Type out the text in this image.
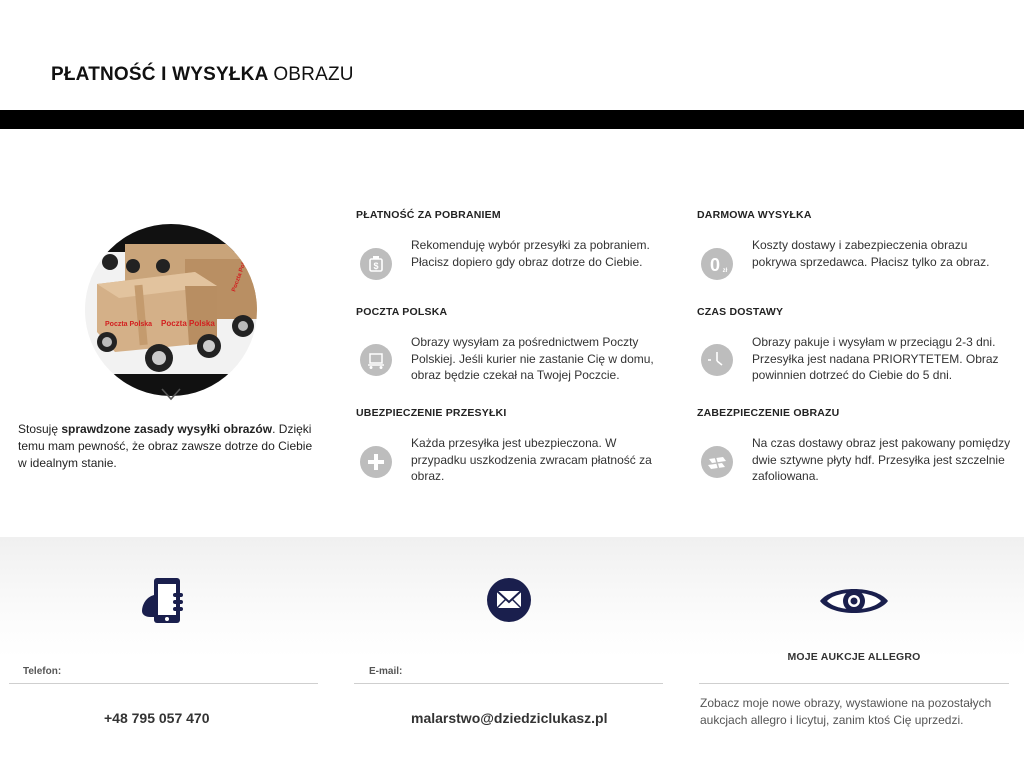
PŁATNOŚĆ I WYSYŁKA OBRAZU
Poczta Polska Poczta Polska
Poczta Polska

Stosuję sprawdzone zasady wysyłki obrazów. Dzięki temu mam pewność, że obraz zawsze dotrze do Ciebie w idealnym stanie.

PŁATNOŚĆ ZA POBRANIEM
$

Rekomenduję wybór przesyłki za pobraniem. Płacisz dopiero gdy obraz dotrze do Ciebie.

DARMOWA WYSYŁKA
0 zł

Koszty dostawy i zabezpieczenia obrazu pokrywa sprzedawca. Płacisz tylko za obraz.

POCZTA POLSKA

Obrazy wysyłam za pośrednictwem Poczty Polskiej. Jeśli kurier nie zastanie Cię w domu, obraz będzie czekał na Twojej Poczcie.

CZAS DOSTAWY

Obrazy pakuje i wysyłam w przeciągu 2-3 dni. Przesyłka jest nadana PRIORYTETEM. Obraz powinnien dotrzeć do Ciebie do 5 dni.

UBEZPIECZENIE PRZESYŁKI

Każda przesyłka jest ubezpieczona. W przypadku uszkodzenia zwracam płatność za obraz.

ZABEZPIECZENIE OBRAZU

Na czas dostawy obraz jest pakowany pomiędzy dwie sztywne płyty hdf. Przesyłka jest szczelnie zafoliowana.

Telefon:
+48 795 057 470
E-mail:
malarstwo@dziedziclukasz.pl
MOJE AUKCJE ALLEGRO

Zobacz moje nowe obrazy, wystawione na pozostałych aukcjach allegro i licytuj, zanim ktoś Cię uprzedzi.
